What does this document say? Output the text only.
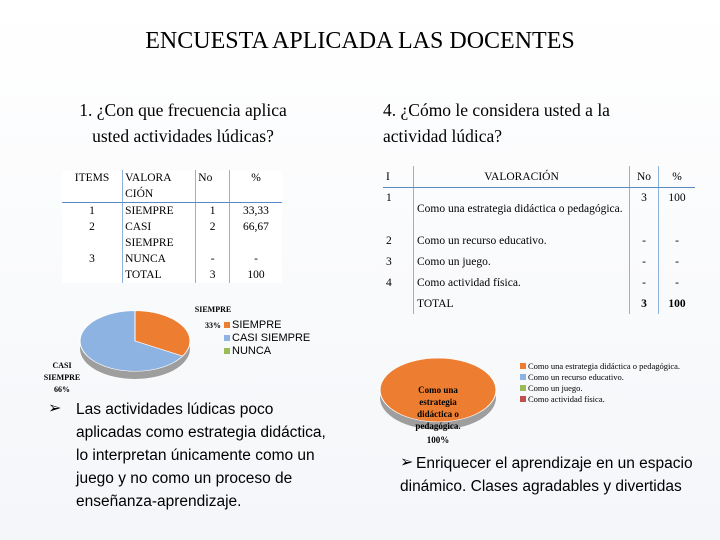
ENCUESTA APLICADA LAS DOCENTES
1. ¿Con que frecuencia aplica
usted actividades lúdicas?
4. ¿Cómo le considera usted a la
actividad lúdica?
ITEMS	VALORA CIÓN	No	%
1	SIEMPRE	1	33,33
2	CASI SIEMPRE	2	66,67
3	NUNCA	-	-
	TOTAL	3	100
I	VALORACIÓN	No	%
1	Como una estrategia didáctica o pedagógica.	3	100
2	Como un recurso educativo.	-	-
3	Como un juego.	-	-
4	Como actividad física.	-	-
	TOTAL	3	100
SIEMPRE
33%
CASI
SIEMPRE
66%
SIEMPRE
CASI SIEMPRE
NUNCA
➢ Las actividades lúdicas poco aplicadas como estrategia didáctica, lo interpretan únicamente como un juego y no como un proceso de enseñanza-aprendizaje.
Como una
estrategia
didáctica o
pedagógica.
100%
Como una estrategia didáctica o pedagógica.
Como un recurso educativo.
Como un juego.
Como actividad física.
➢ Enriquecer el aprendizaje en un espacio dinámico. Clases agradables y divertidas
